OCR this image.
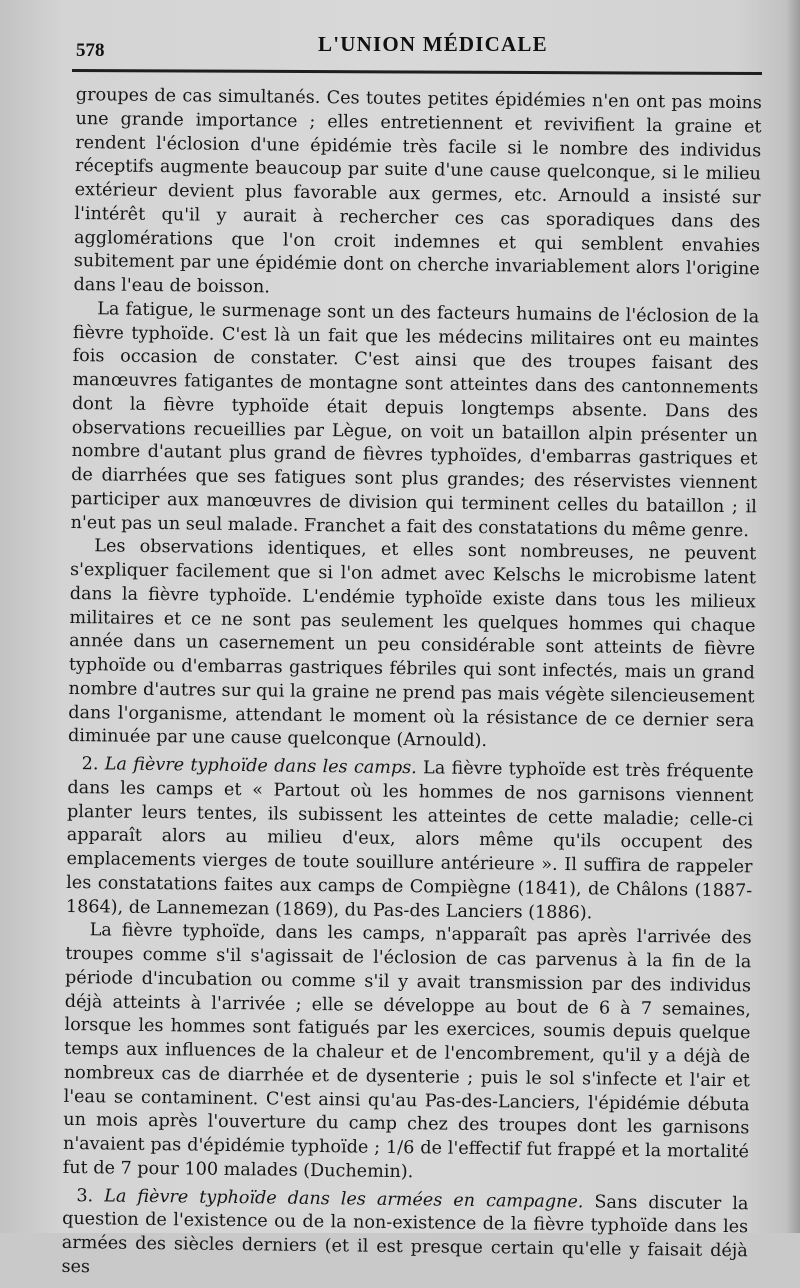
578	L'UNION MÉDICALE

groupes de cas simultanés. Ces toutes petites épidémies n'en ont pas moins une grande importance ; elles entretiennent et revivifient la graine et rendent l'éclosion d'une épidémie très facile si le nombre des individus réceptifs augmente beaucoup par suite d'une cause quelconque, si le milieu extérieur devient plus favorable aux germes, etc. Arnould a insisté sur l'intérêt qu'il y aurait à rechercher ces cas sporadiques dans des agglomérations que l'on croit indemnes et qui semblent envahies subitement par une épidémie dont on cherche invariablement alors l'origine dans l'eau de boisson.

La fatigue, le surmenage sont un des facteurs humains de l'éclosion de la fièvre typhoïde. C'est là un fait que les médecins militaires ont eu maintes fois occasion de constater. C'est ainsi que des troupes faisant des manœuvres fatigantes de montagne sont atteintes dans des cantonnements dont la fièvre typhoïde était depuis longtemps absente. Dans des observations recueillies par Lègue, on voit un bataillon alpin présenter un nombre d'autant plus grand de fièvres typhoïdes, d'embarras gastriques et de diarrhées que ses fatigues sont plus grandes; des réservistes viennent participer aux manœuvres de division qui terminent celles du bataillon ; il n'eut pas un seul malade. Franchet a fait des constatations du même genre.

Les observations identiques, et elles sont nombreuses, ne peuvent s'expliquer facilement que si l'on admet avec Kelschs le microbisme latent dans la fièvre typhoïde. L'endémie typhoïde existe dans tous les milieux militaires et ce ne sont pas seulement les quelques hommes qui chaque année dans un casernement un peu considérable sont atteints de fièvre typhoïde ou d'embarras gastriques fébriles qui sont infectés, mais un grand nombre d'autres sur qui la graine ne prend pas mais végète silencieusement dans l'organisme, attendant le moment où la résistance de ce dernier sera diminuée par une cause quelconque (Arnould).

2. La fièvre typhoïde dans les camps. La fièvre typhoïde est très fréquente dans les camps et « Partout où les hommes de nos garnisons viennent planter leurs tentes, ils subissent les atteintes de cette maladie; celle-ci apparaît alors au milieu d'eux, alors même qu'ils occupent des emplacements vierges de toute souillure antérieure ». Il suffira de rappeler les constatations faites aux camps de Compiègne (1841), de Châlons (1887-1864), de Lannemezan (1869), du Pas-des Lanciers (1886).

La fièvre typhoïde, dans les camps, n'apparaît pas après l'arrivée des troupes comme s'il s'agissait de l'éclosion de cas parvenus à la fin de la période d'incubation ou comme s'il y avait transmission par des individus déjà atteints à l'arrivée ; elle se développe au bout de 6 à 7 semaines, lorsque les hommes sont fatigués par les exercices, soumis depuis quelque temps aux influences de la chaleur et de l'encombrement, qu'il y a déjà de nombreux cas de diarrhée et de dysenterie ; puis le sol s'infecte et l'air et l'eau se contaminent. C'est ainsi qu'au Pas-des-Lanciers, l'épidémie débuta un mois après l'ouverture du camp chez des troupes dont les garnisons n'avaient pas d'épidémie typhoïde ; 1/6 de l'effectif fut frappé et la mortalité fut de 7 pour 100 malades (Duchemin).

3. La fièvre typhoïde dans les armées en campagne. Sans discuter la question de l'existence ou de la non-existence de la fièvre typhoïde dans les armées des siècles derniers (et il est presque certain qu'elle y faisait déjà ses
